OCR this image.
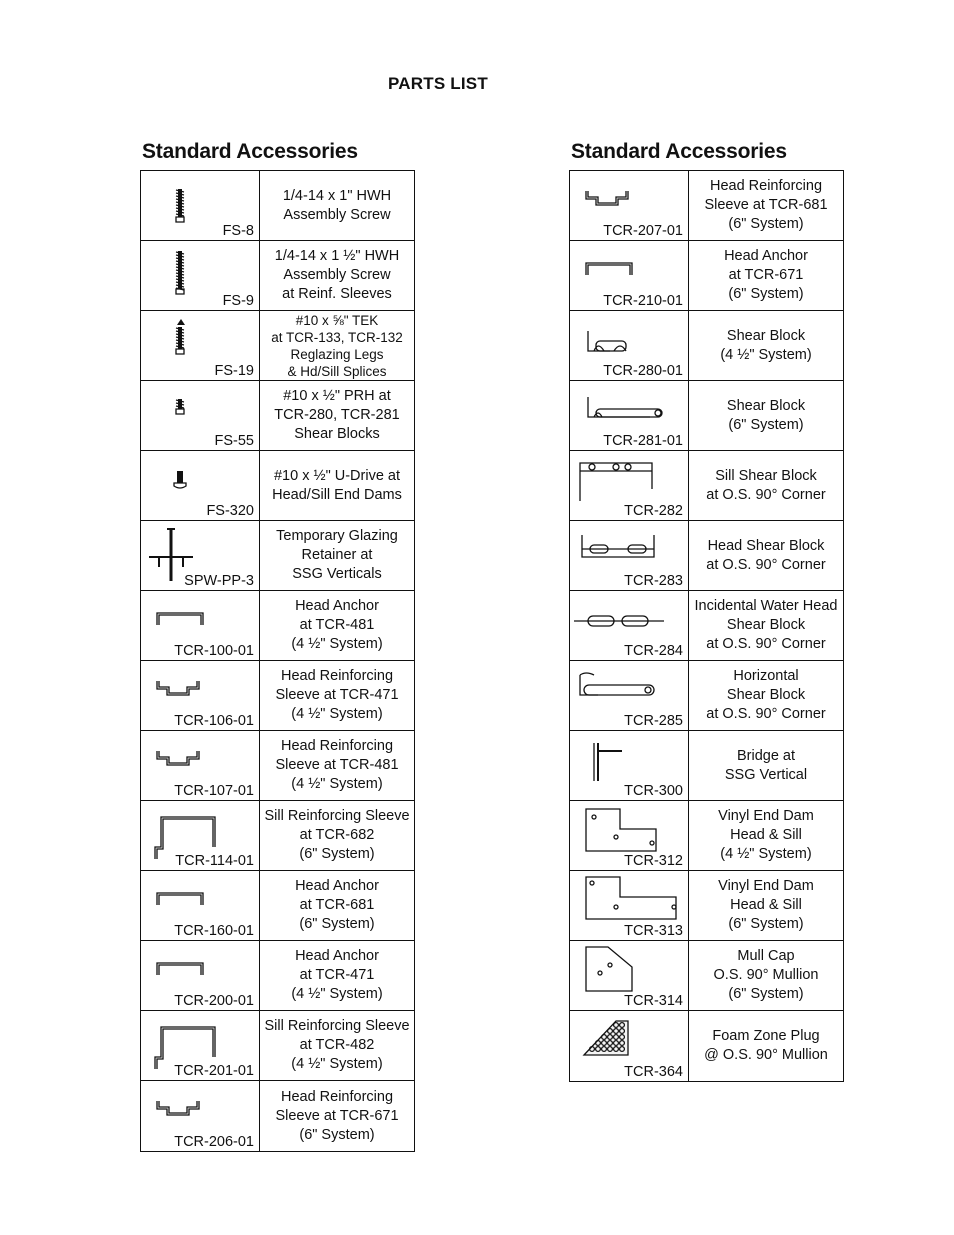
PARTS LIST
Standard Accessories	Standard Accessories
FS-8
1/4-14 x 1" HWH
Assembly Screw
FS-9
1/4-14 x 1 ½" HWH
Assembly Screw
at Reinf. Sleeves
FS-19
#10 x ⅝" TEK
at TCR-133, TCR-132
Reglazing Legs
& Hd/Sill Splices
FS-55
#10 x ½" PRH at
TCR-280, TCR-281
Shear Blocks
FS-320
#10 x ½" U-Drive at
Head/Sill End Dams
SPW-PP-3
Temporary Glazing
Retainer at
SSG Verticals
TCR-100-01
Head Anchor
at TCR-481
(4 ½" System)
TCR-106-01
Head Reinforcing
Sleeve at TCR-471
(4 ½" System)
TCR-107-01
Head Reinforcing
Sleeve at TCR-481
(4 ½" System)
TCR-114-01
Sill Reinforcing Sleeve
at TCR-682
(6" System)
TCR-160-01
Head Anchor
at TCR-681
(6" System)
TCR-200-01
Head Anchor
at TCR-471
(4 ½" System)
TCR-201-01
Sill Reinforcing Sleeve
at TCR-482
(4 ½" System)
TCR-206-01
Head Reinforcing
Sleeve at TCR-671
(6" System)
TCR-207-01
Head Reinforcing
Sleeve at TCR-681
(6" System)
TCR-210-01
Head Anchor
at TCR-671
(6" System)
TCR-280-01
Shear Block
(4 ½" System)
TCR-281-01
Shear Block
(6" System)
TCR-282
Sill Shear Block
at O.S. 90° Corner
TCR-283
Head Shear Block
at O.S. 90° Corner
TCR-284
Incidental Water Head
Shear Block
at O.S. 90° Corner
TCR-285
Horizontal
Shear Block
at O.S. 90° Corner
TCR-300
Bridge at
SSG Vertical
TCR-312
Vinyl End Dam
Head & Sill
(4 ½" System)
TCR-313
Vinyl End Dam
Head & Sill
(6" System)
TCR-314
Mull Cap
O.S. 90° Mullion
(6" System)
TCR-364
Foam Zone Plug
@ O.S. 90° Mullion
